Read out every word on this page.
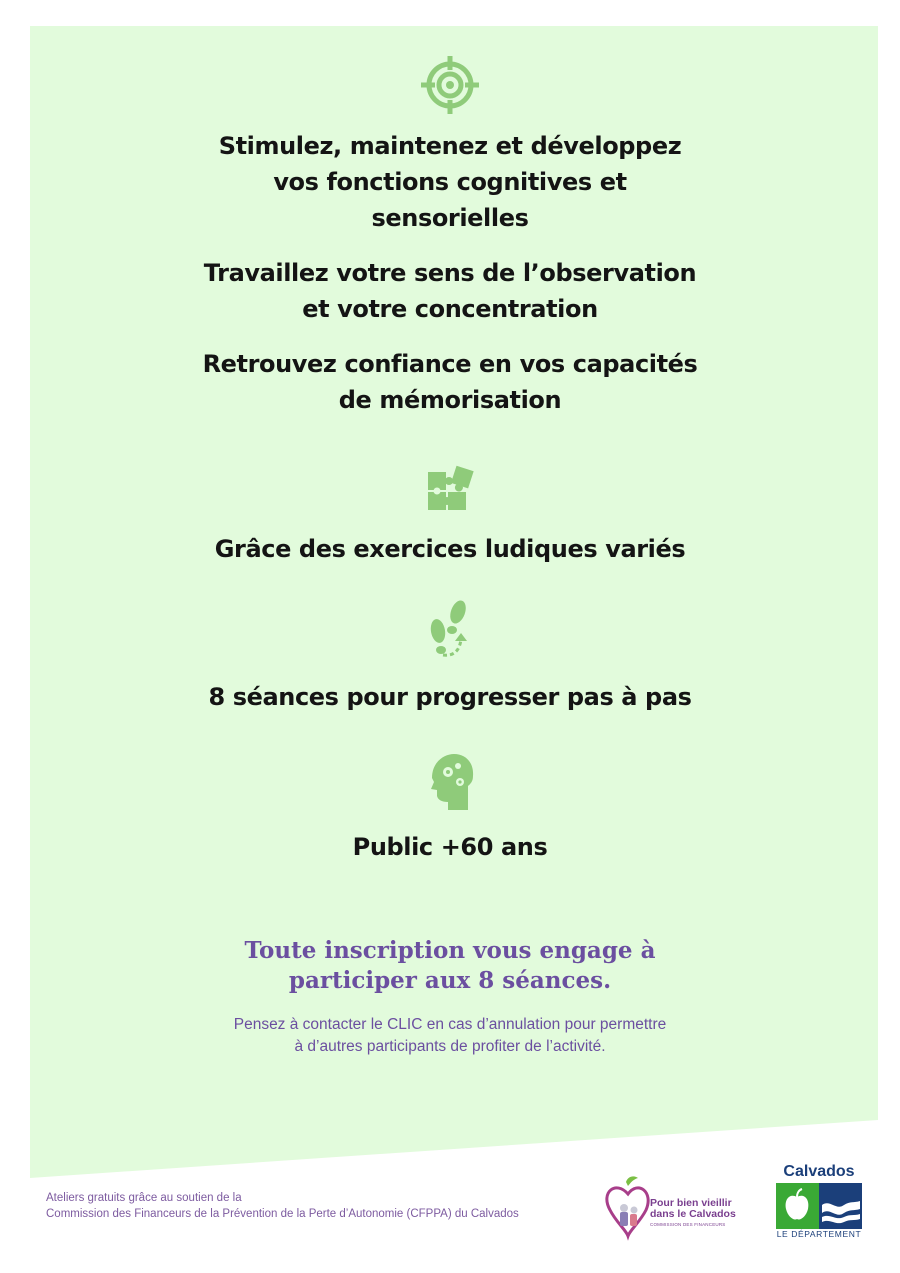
Stimulez, maintenez et développez
vos fonctions cognitives et
sensorielles
Travaillez votre sens de l’observation
et votre concentration
Retrouvez confiance en vos capacités
de mémorisation
Grâce des exercices ludiques variés
8 séances pour progresser pas à pas
Public +60 ans
Toute inscription vous engage à
participer aux 8 séances.
Pensez à contacter le CLIC en cas d’annulation pour permettre
à d’autres participants de profiter de l’activité.
Ateliers gratuits grâce au soutien de la
Commission des Financeurs de la Prévention de la Perte d’Autonomie (CFPPA) du Calvados
Pour bien vieillir
dans le Calvados
COMMISSION DES FINANCEURS
Calvados
LE DÉPARTEMENT
